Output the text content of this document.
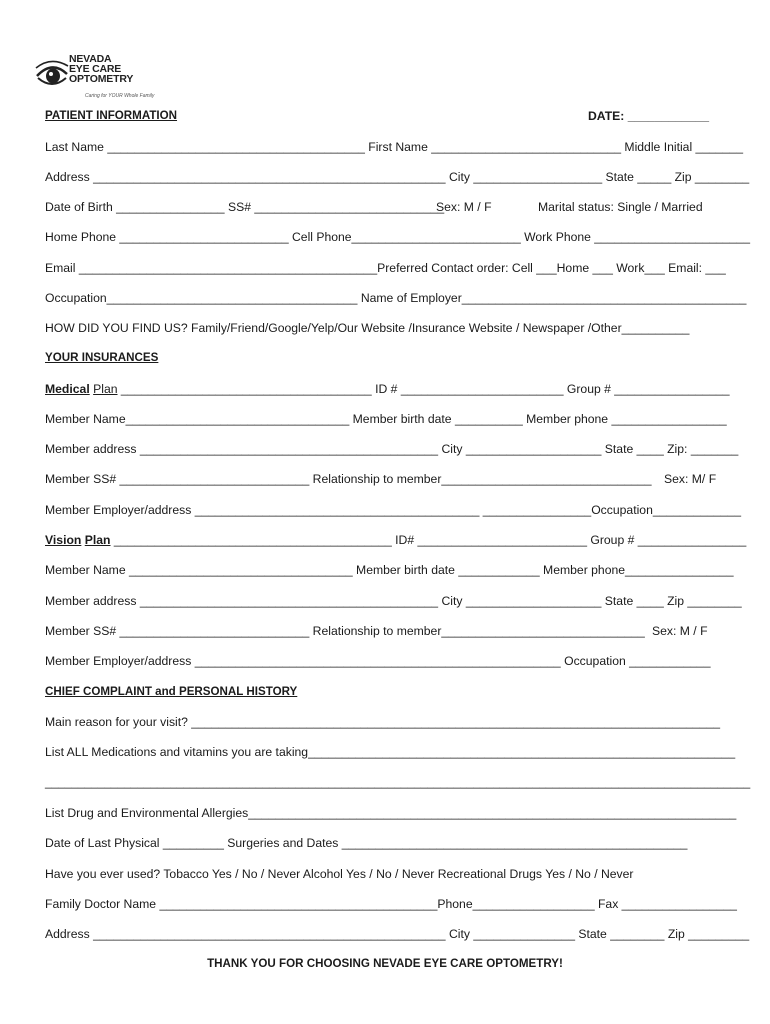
NEVADA
EYE CARE
OPTOMETRY
Caring for YOUR Whole Family
PATIENT INFORMATION	DATE: ____________
Last Name ______________________________________ First Name ____________________________ Middle Initial _______
Address ____________________________________________________ City ___________________ State _____ Zip ________
Date of Birth ________________ SS# ____________________________
Sex: M / F	Marital status: Single / Married
Home Phone _________________________ Cell Phone_________________________ Work Phone _______________________
Email ____________________________________________Preferred Contact order: Cell ___Home ___ Work___ Email: ___
Occupation_____________________________________ Name of Employer__________________________________________
HOW DID YOU FIND US? Family/Friend/Google/Yelp/Our Website /Insurance Website / Newspaper /Other__________
YOUR INSURANCES
Medical Plan _____________________________________ ID # ________________________ Group # _________________
Member Name_________________________________ Member birth date __________ Member phone _________________
Member address ____________________________________________ City ____________________ State ____ Zip: _______
Member SS# ____________________________ Relationship to member_______________________________ Sex: M/ F
Member Employer/address __________________________________________ ________________Occupation_____________
Vision Plan _________________________________________ ID# _________________________ Group # ________________
Member Name _________________________________ Member birth date ____________ Member phone________________
Member address ____________________________________________ City ____________________ State ____ Zip ________
Member SS# ____________________________ Relationship to member______________________________ Sex: M / F
Member Employer/address ______________________________________________________ Occupation ____________
CHIEF COMPLAINT and PERSONAL HISTORY
Main reason for your visit? ______________________________________________________________________________
List ALL Medications and vitamins you are taking_______________________________________________________________
___________________________________________________________________________________________________________
List Drug and Environmental Allergies________________________________________________________________________
Date of Last Physical _________ Surgeries and Dates ___________________________________________________
Have you ever used? Tobacco Yes / No / Never Alcohol Yes / No / Never Recreational Drugs Yes / No / Never
Family Doctor Name _________________________________________Phone__________________ Fax _________________
Address ____________________________________________________ City _______________ State ________ Zip _________
THANK YOU FOR CHOOSING NEVADE EYE CARE OPTOMETRY!
